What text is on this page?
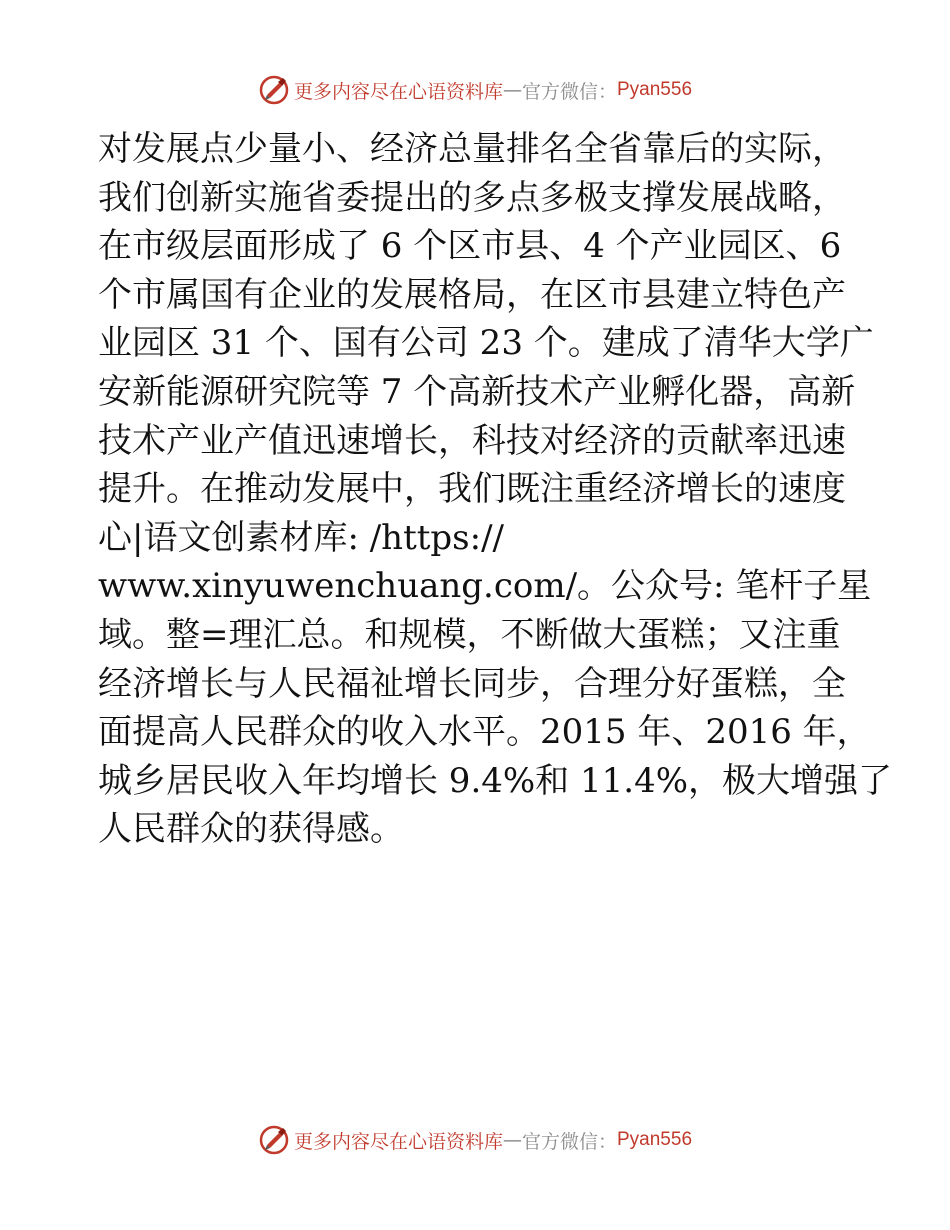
更多内容尽在心语资料库 — 官方微信： Pyan556
对发展点少量小、经济总量排名全省靠后的实际，
我们创新实施省委提出的多点多极支撑发展战略，
在市级层面形成了 6 个区市县、4 个产业园区、6
个市属国有企业的发展格局，在区市县建立特色产
业园区 31 个、国有公司 23 个。建成了清华大学广
安新能源研究院等 7 个高新技术产业孵化器，高新
技术产业产值迅速增长，科技对经济的贡献率迅速
提升。在推动发展中，我们既注重经济增长的速度
心|语文创素材库: /https://
www.xinyuwenchuang.com/。公众号: 笔杆子星
域。整=理汇总。和规模，不断做大蛋糕；又注重
经济增长与人民福祉增长同步，合理分好蛋糕，全
面提高人民群众的收入水平。2015 年、2016 年，
城乡居民收入年均增长 9.4%和 11.4%，极大增强了
人民群众的获得感。
更多内容尽在心语资料库 — 官方微信： Pyan556
